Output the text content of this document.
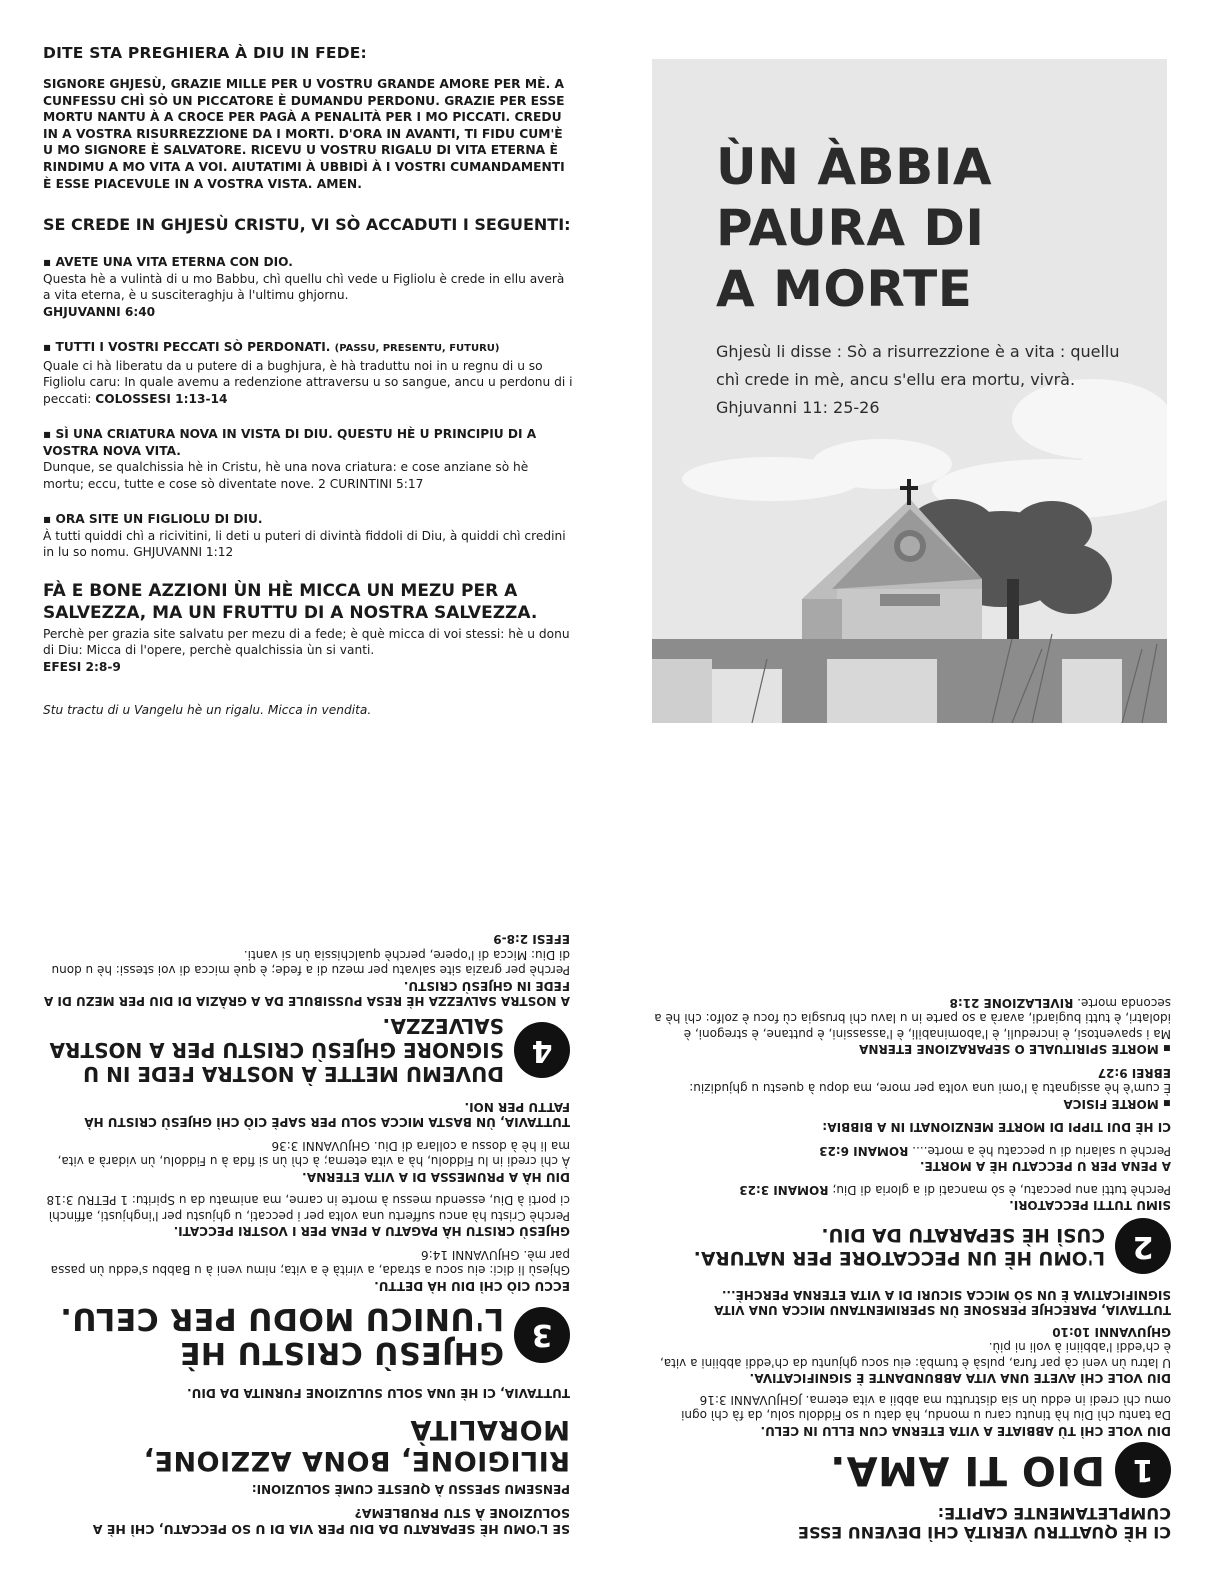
DITE STA PREGHIERA À DIU IN FEDE:

SIGNORE GHJESÙ, GRAZIE MILLE PER U VOSTRU GRANDE AMORE PER MÈ. A CUNFESSU CHÌ SÒ UN PICCATORE È DUMANDU PERDONU. GRAZIE PER ESSE MORTU NANTU À A CROCE PER PAGÀ A PENALITÀ PER I MO PICCATI. CREDU IN A VOSTRA RISURREZZIONE DA I MORTI. D'ORA IN AVANTI, TI FIDU CUM'È U MO SIGNORE È SALVATORE. RICEVU U VOSTRU RIGALU DI VITA ETERNA È RINDIMU A MO VITA A VOI. AIUTATIMI À UBBIDÌ À I VOSTRI CUMANDAMENTI È ESSE PIACEVULE IN A VOSTRA VISTA. AMEN.

SE CREDE IN GHJESÙ CRISTU, VI SÒ ACCADUTI I SEGUENTI:
▪ AVETE UNA VITA ETERNA CON DIO.
Questa hè a vulintà di u mo Babbu, chì quellu chì vede u Figliolu è crede in ellu averà a vita eterna, è u susciteraghju à l'ultimu ghjornu.
GHJUVANNI 6:40
▪ TUTTI I VOSTRI PECCATI SÒ PERDONATI. (PASSU, PRESENTU, FUTURU)
Quale ci hà liberatu da u putere di a bughjura, è hà traduttu noi in u regnu di u so Figliolu caru: In quale avemu a redenzione attraversu u so sangue, ancu u perdonu di i peccati: COLOSSESI 1:13-14
▪ SÌ UNA CRIATURA NOVA IN VISTA DI DIU. QUESTU HÈ U PRINCIPIU DI A VOSTRA NOVA VITA.
Dunque, se qualchissia hè in Cristu, hè una nova criatura: e cose anziane sò hè mortu; eccu, tutte e cose sò diventate nove. 2 CURINTINI 5:17
▪ ORA SITE UN FIGLIOLU DI DIU.
À tutti quiddi chì a ricivitini, li deti u puteri di divintà fiddoli di Diu, à quiddi chì credini in lu so nomu. GHJUVANNI 1:12
FÀ E BONE AZZIONI ÙN HÈ MICCA UN MEZU PER A SALVEZZA, MA UN FRUTTU DI A NOSTRA SALVEZZA.
Perchè per grazia site salvatu per mezu di a fede; è què micca di voi stessi: hè u donu di Diu: Micca di l'opere, perchè qualchissia ùn si vanti.
EFESI 2:8-9
Stu tractu di u Vangelu hè un rigalu. Micca in vendita.
ÙN ÀBBIA
PAURA DI
A MORTE
Ghjesù li disse : Sò a risurrezzione è a vita : quellu chì crede in mè, ancu s'ellu era mortu, vivrà. Ghjuvanni 11: 25-26
CI HÈ QUATTRU VERITÀ CHÌ DEVENU ESSE CUMPLETAMENTE CAPITE:
1
DIO TI AMA.

DIU VOLE CHÌ TÙ ABBIATE A VITA ETERNA CUN ELLU IN CELU.

Da tantu chì Diu hà tinutu caru u mondu, hà datu u so Fiddolu solu, da fà chì ogni omu chì credi in eddu ùn sia distruttu ma abbii a vita eterna. JGHJUVANNI 3:16

DIU VOLE CHÌ AVETE UNA VITA ABBUNDANTE È SIGNIFICATIVA.

U latru ùn veni cà par fura, pulsà è tumbà: eiu socu ghjuntu da ch'eddi abbiini a vita, è ch'eddi l'abbiini à voli ni più.

GHJUVANNI 10:10

TUTTAVIA, PARECHJE PERSONE ÙN SPERIMENTANU MICCA UNA VITA SIGNIFICATIVA È UN SÒ MICCA SICURI DI A VITA ETERNA PERCHÈ...

2
L'OMU HÈ UN PECCATORE PER NATURA. CUSÌ HÈ SEPARATU DA DIU.

SIMU TUTTI PECCATORI.

Perchè tutti anu peccatu, è sò mancati di a gloria di Diu; ROMANI 3:23

A PENA PER U PECCATU HÈ A MORTE.

Perchè u salariu di u peccatu hè a morte.... ROMANI 6:23

CI HÈ DUI TIPPI DI MORTE MENZIONATI IN A BIBBIA:

▪ MORTE FISICA

È cum'è hè assignatu à l'omi una volta per more, ma dopu à questu u ghjudiziu: EBREI 9:27

▪ MORTE SPIRITUALE O SEPARAZIONE ETERNA

Ma i spaventosi, è increduli, è l'abominabili, è l'assassini, è puttane, è stregoni, è idolatri, è tutti bugiardi, avarà a so parte in u lavu chì brusgia cù focu è zolfo: chì hè a seconda morte. RIVELAZIONE 21:8

SE L'OMU HÈ SEPARATU DA DIU PER VIA DI U SO PECCATU, CHÌ HÈ A SOLUZIONE À STU PRUBLEMA?
PENSEMU SPESSU À QUESTE CUMÈ SOLUZIONI:
RILIGIONE, BONA AZZIONE, MORALITÀ
TUTTAVIA, CI HÈ UNA SOLU SULUZIONE FURNITA DA DIU.
3
GHJESÙ CRISTU HÈ L'UNICU MODU PER CELU.

ECCU CIÒ CHÌ DIU HÀ DETTU.

Ghjesù li dici: eiu socu a strada, a virità è a vita; nimu veni à u Babbu s'eddu ùn passa par mè. GHJUVANNI 14:6

GHJESÙ CRISTU HÀ PAGATU A PENA PER I VOSTRI PECCATI.

Perchè Cristu hà ancu suffertu una volta per i peccati, u ghjustu per l'inghjusti, affinchì ci porti à Diu, essendu messu à morte in carne, ma animatu da u Spiritu: 1 PETRU 3:18

DIU HÀ A PRUMESSA DI A VITA ETERNA.

À chì credi in lu Fiddolu, hà a vita eterna; à chì ùn si fida à u Fiddolu, ùn vidarà a vita, ma li hè à dossu a collara di Diu. GHJUVANNI 3:36

TUTTAVIA, ÙN BASTA MICCA SOLU PER SAPÈ CIÒ CHÌ GHJESÙ CRISTU HÀ FATTU PER NOI.

4
DUVEMU METTE À NOSTRA FEDE IN U SIGNORE GHJESÙ CRISTU PER A NOSTRA SALVEZZA.

A NOSTRA SALVEZZA HÈ RESA PUSSIBULE DA A GRÀZIA DI DIU PER MEZU DI A FEDE IN GHJESÙ CRISTU.

Perchè per grazia site salvatu per mezu di a fede; è què micca di voi stessi: hè u donu di Diu: Micca di l'opere, perchè qualchissia ùn si vanti.

EFESI 2:8-9
